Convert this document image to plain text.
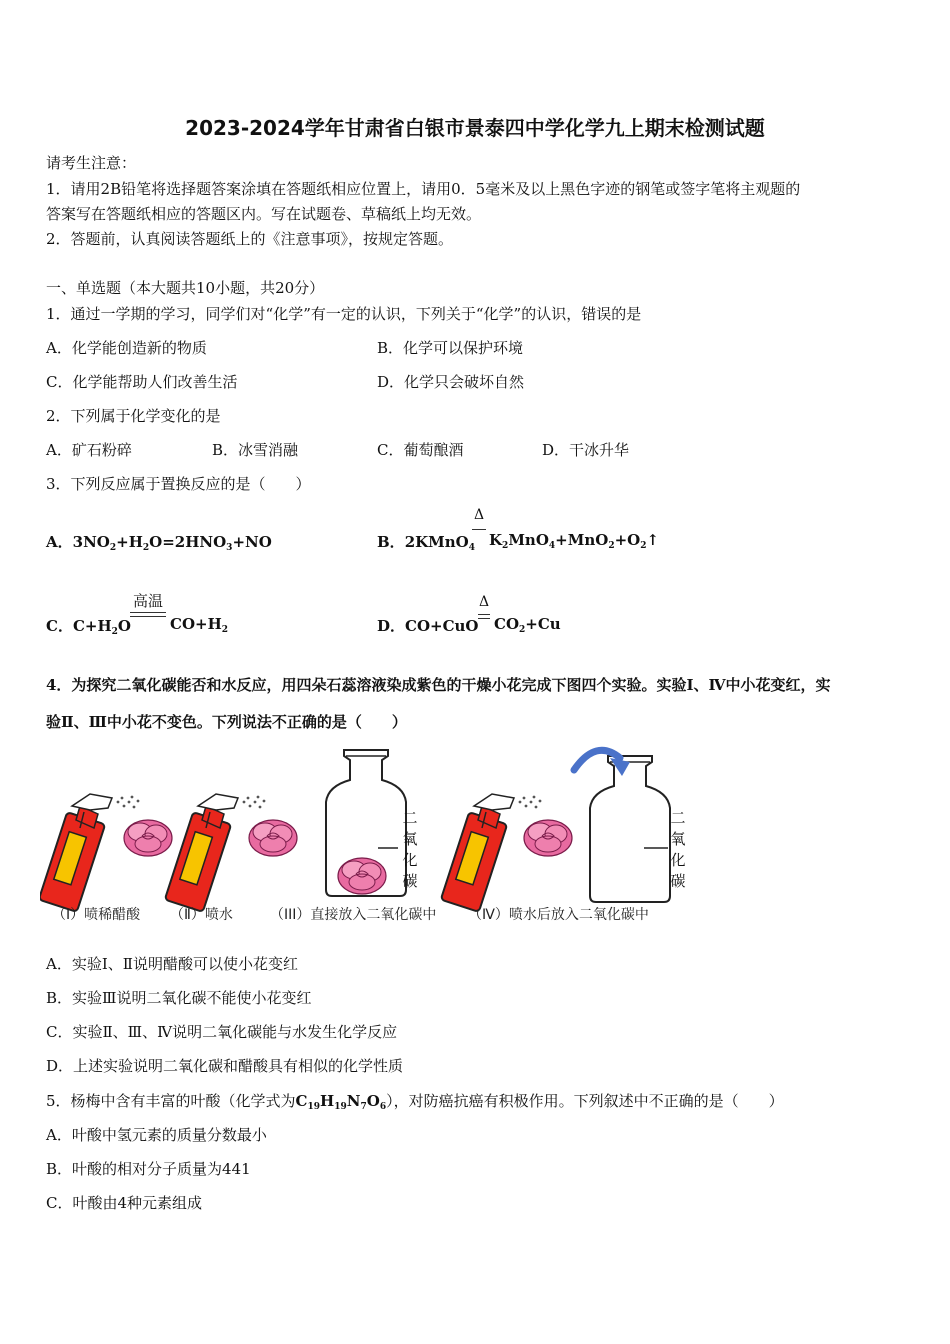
2023-2024学年甘肃省白银市景泰四中学化学九上期末检测试题
请考生注意：
1．请用2B铅笔将选择题答案涂填在答题纸相应位置上，请用0．5毫米及以上黑色字迹的钢笔或签字笔将主观题的
答案写在答题纸相应的答题区内。写在试题卷、草稿纸上均无效。
2．答题前，认真阅读答题纸上的《注意事项》，按规定答题。
一、单选题（本大题共10小题，共20分）
1．通过一学期的学习，同学们对“化学”有一定的认识，下列关于“化学”的认识，错误的是
A．化学能创造新的物质	B．化学可以保护环境
C．化学能帮助人们改善生活	D．化学只会破坏自然
2．下列属于化学变化的是
A．矿石粉碎	B．冰雪消融	C．葡萄酿酒	D．干冰升华
3．下列反应属于置换反应的是（　　）
A．$3NO_2+H_2O=2HNO_3+NO$	B．2KMnO$_4$
Δ
$K_2MnO_4+MnO_2+O_2↑$
C．$C+H_2O$
高温
$CO+H_2$	D．CO+CuO
Δ
$CO_2+Cu$
4．为探究二氧化碳能否和水反应，用四朵石蕊溶液染成紫色的干燥小花完成下图四个实验。实验Ⅰ、Ⅳ中小花变红，实
验Ⅱ、Ⅲ中小花不变色。下列说法不正确的是（　　）
二氧化碳
二氧化碳
（I）喷稀醋酸 （Ⅱ）喷水	（III）直接放入二氧化碳中 （Ⅳ）喷水后放入二氧化碳中
A．实验Ⅰ、Ⅱ说明醋酸可以使小花变红
B．实验Ⅲ说明二氧化碳不能使小花变红
C．实验Ⅱ、Ⅲ、Ⅳ说明二氧化碳能与水发生化学反应
D．上述实验说明二氧化碳和醋酸具有相似的化学性质
5．杨梅中含有丰富的叶酸（化学式为$C_{19}H_{19}N_7O_6$），对防癌抗癌有积极作用。下列叙述中不正确的是（　　）
A．叶酸中氢元素的质量分数最小
B．叶酸的相对分子质量为441
C．叶酸由4种元素组成
